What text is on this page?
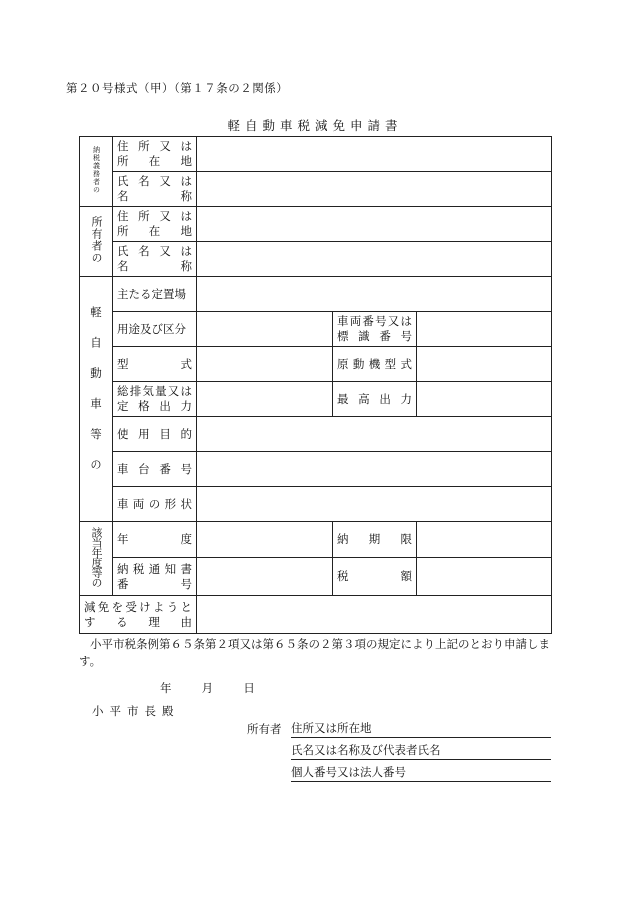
第２０号様式（甲）（第１７条の２関係）
軽自動車税減免申請書
納税義務者の	住 所 又 は
所　在　地			

	氏 名 又 は
名　　　称			

所有者の	住 所 又 は
所　在　地			

	氏 名 又 は
名　　　称			

軽自動車等の	主たる定置場			
	用途及び区分		車両番号又は
標 識 番 号	

	型　　　式		原動機型式	

	総排気量又は
定 格 出 力		最 高 出 力	

	使 用 目 的			

	車 台 番 号			

	車両の形状			

該当年度等の	年　　　度		納　期　限	

	納税通知書
番　　　号		税　　　額	

減免を受けようと
す る 理 由				

小平市税条例第６５条第２項又は第６５条の２第３項の規定により上記のとおり申請します。
年	月	日
小平市長殿
所有者 住所又は所在地
氏名又は名称及び代表者氏名
個人番号又は法人番号
